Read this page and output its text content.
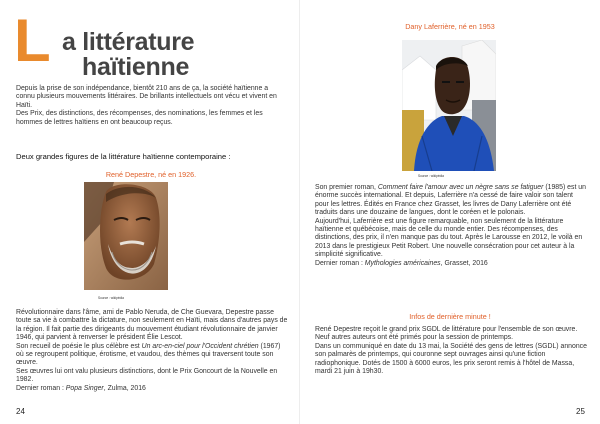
L a littérature
haïtienne

Depuis la prise de son indépendance, bientôt 210 ans de ça, la société haïtienne a connu plusieurs mouvements littéraires. De brillants intellectuels ont vécu et vivent en Haïti.

Des Prix, des distinctions, des récompenses, des nominations, les femmes et les hommes de lettres haïtiens en ont beaucoup reçus.

Deux grandes figures de la littérature haïtienne contemporaine :
René Depestre, né en 1926.
Source : wikipédia

Révolutionnaire dans l'âme, ami de Pablo Neruda, de Che Guevara, Depestre passe toute sa vie à combattre la dictature, non seulement en Haïti, mais dans d'autres pays de la région. Il fait partie des dirigeants du mouvement étudiant révolutionnaire de janvier 1946, qui parvient à renverser le président Élie Lescot.

Son recueil de poésie le plus célèbre est Un arc-en-ciel pour l'Occident chrétien (1967) où se regroupent politique, érotisme, et vaudou, des thèmes qui traversent toute son œuvre.

Ses œuvres lui ont valu plusieurs distinctions, dont le Prix Goncourt de la Nouvelle en 1982.

Dernier roman : Popa Singer, Zulma, 2016

24
Dany Laferrière, né en 1953
Source : wikipédia

Son premier roman, Comment faire l'amour avec un nègre sans se fatiguer (1985) est un énorme succès international. Et depuis, Laferrière n'a cessé de faire valoir son talent pour les lettres. Édités en France chez Grasset, les livres de Dany Laferrière ont été traduits dans une douzaine de langues, dont le coréen et le polonais.

Aujourd'hui, Laferrière est une figure remarquable, non seulement de la littérature haïtienne et québécoise, mais de celle du monde entier. Des récompenses, des distinctions, des prix, il n'en manque pas du tout. Après le Larousse en 2012, le voilà en 2013 dans le prestigieux Petit Robert. Une nouvelle consécration pour cet auteur à la simplicité significative.

Dernier roman : Mythologies américaines, Grasset, 2016

Infos de dernière minute !

René Depestre reçoit le grand prix SGDL de littérature pour l'ensemble de son œuvre. Neuf autres auteurs ont été primés pour la session de printemps.

Dans un communiqué en date du 13 mai, la Société des gens de lettres (SGDL) annonce son palmarès de printemps, qui couronne sept ouvrages ainsi qu'une fiction radiophonique. Dotés de 1500 à 6000 euros, les prix seront remis à l'hôtel de Massa, mardi 21 juin à 19h30.

25
